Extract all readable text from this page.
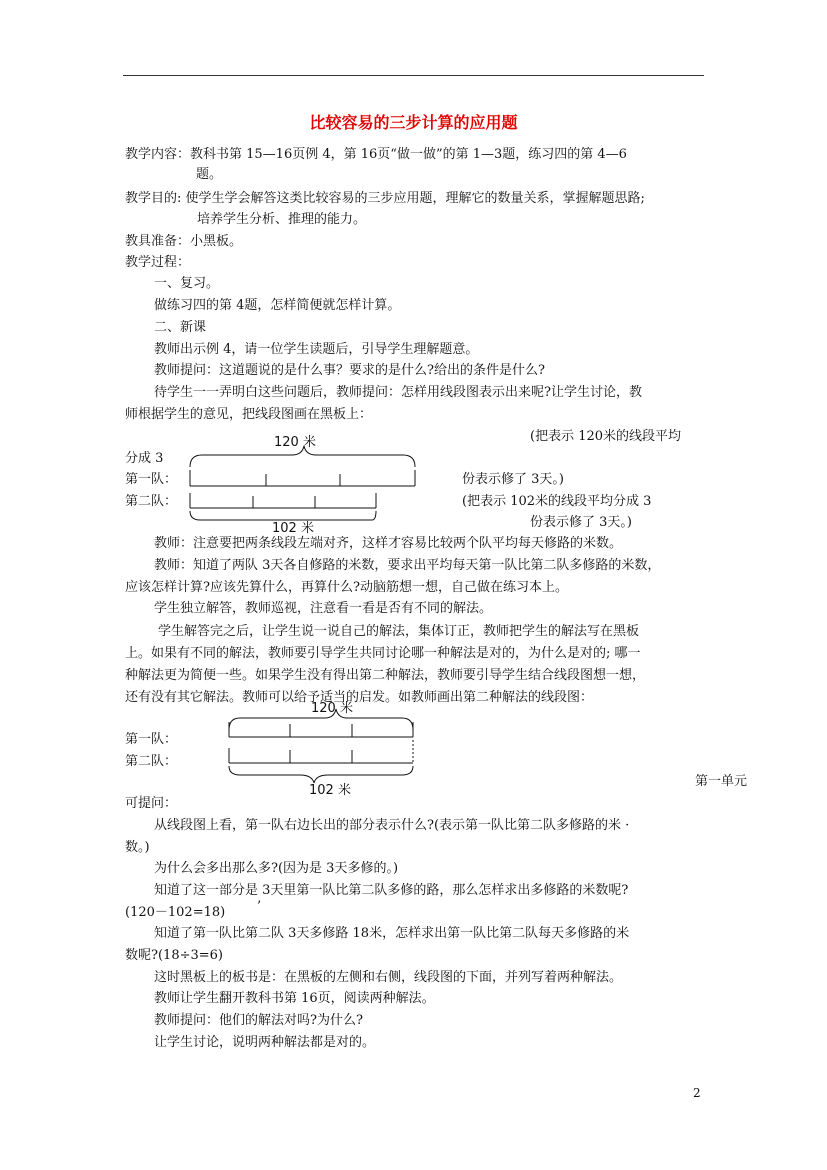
比较容易的三步计算的应用题
教学内容：教科书第 15—16页例 4，第 16页“做一做”的第 1—3题，练习四的第 4—6
题。
教学目的: 使学生学会解答这类比较容易的三步应用题，理解它的数量关系，掌握解题思路;
培养学生分析、推理的能力。
教具准备：小黑板。
教学过程：
一、复习。
做练习四的第 4题，怎样简便就怎样计算。
二、新课
教师出示例 4，请一位学生读题后，引导学生理解题意。
教师提问：这道题说的是什么事？要求的是什么?给出的条件是什么?
待学生一一弄明白这些问题后，教师提问：怎样用线段图表示出来呢?让学生讨论，教
师根据学生的意见，把线段图画在黑板上：
(把表示 120米的线段平均
分成 3
第一队：	份表示修了 3天。)
第二队：	(把表示 102米的线段平均分成 3
份表示修了 3天。)
教师：注意要把两条线段左端对齐，这样才容易比较两个队平均每天修路的米数。
教师：知道了两队 3天各自修路的米数，要求出平均每天第一队比第二队多修路的米数，
应该怎样计算?应该先算什么，再算什么?动脑筋想一想，自己做在练习本上。
学生独立解答，教师巡视，注意看一看是否有不同的解法。
学生解答完之后，让学生说一说自己的解法，集体订正，教师把学生的解法写在黑板
上。如果有不同的解法，教师要引导学生共同讨论哪一种解法是对的，为什么是对的; 哪一
种解法更为简便一些。如果学生没有得出第二种解法，教师要引导学生结合线段图想一想，
还有没有其它解法。教师可以给予适当的启发。如教师画出第二种解法的线段图：
第一队：
第二队：
第一单元
可提问：
从线段图上看，第一队右边长出的部分表示什么?(表示第一队比第二队多修路的米 ·
数。)
为什么会多出那么多?(因为是 3天多修的。)
知道了这一部分是 3天里第一队比第二队多修的路，那么怎样求出多修路的米数呢?
(120－102=18) ’
知道了第一队比第二队 3天多修路 18米，怎样求出第一队比第二队每天多修路的米
数呢?(18÷3=6)
这时黑板上的板书是：在黑板的左侧和右侧，线段图的下面，并列写着两种解法。
教师让学生翻开教科书第 16页，阅读两种解法。
教师提问：他们的解法对吗?为什么?
让学生讨论，说明两种解法都是对的。
2
120 米
102 米
120 米
102 米
